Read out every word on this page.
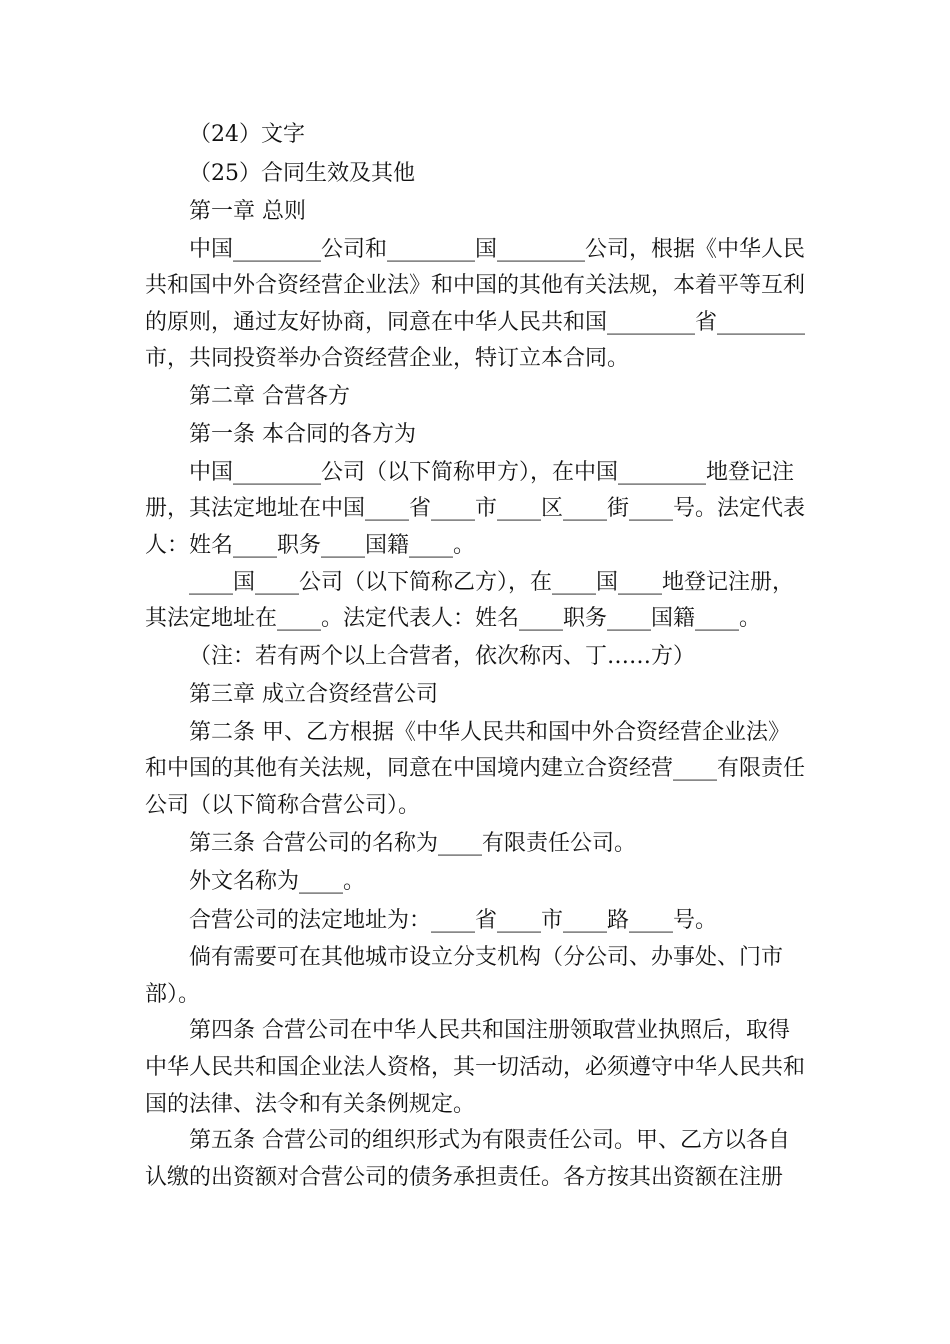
（24）文字

（25）合同生效及其他

第一章 总则

中国________公司和________国________公司，根据《中华人民共和国中外合资经营企业法》和中国的其他有关法规，本着平等互利的原则，通过友好协商，同意在中华人民共和国________省________市，共同投资举办合资经营企业，特订立本合同。

第二章 合营各方

第一条 本合同的各方为

中国________公司（以下简称甲方），在中国________地登记注册，其法定地址在中国____省____市____区____街____号。法定代表人：姓名____职务____国籍____。

____国____公司（以下简称乙方），在____国____地登记注册，其法定地址在____。法定代表人：姓名____职务____国籍____。

（注：若有两个以上合营者，依次称丙、丁……方）

第三章 成立合资经营公司

第二条 甲、乙方根据《中华人民共和国中外合资经营企业法》和中国的其他有关法规，同意在中国境内建立合资经营____有限责任公司（以下简称合营公司）。

第三条 合营公司的名称为____有限责任公司。

外文名称为____。

合营公司的法定地址为：____省____市____路____号。

倘有需要可在其他城市设立分支机构（分公司、办事处、门市部）。

第四条 合营公司在中华人民共和国注册领取营业执照后，取得中华人民共和国企业法人资格，其一切活动，必须遵守中华人民共和国的法律、法令和有关条例规定。

第五条 合营公司的组织形式为有限责任公司。甲、乙方以各自认缴的出资额对合营公司的债务承担责任。各方按其出资额在注册
